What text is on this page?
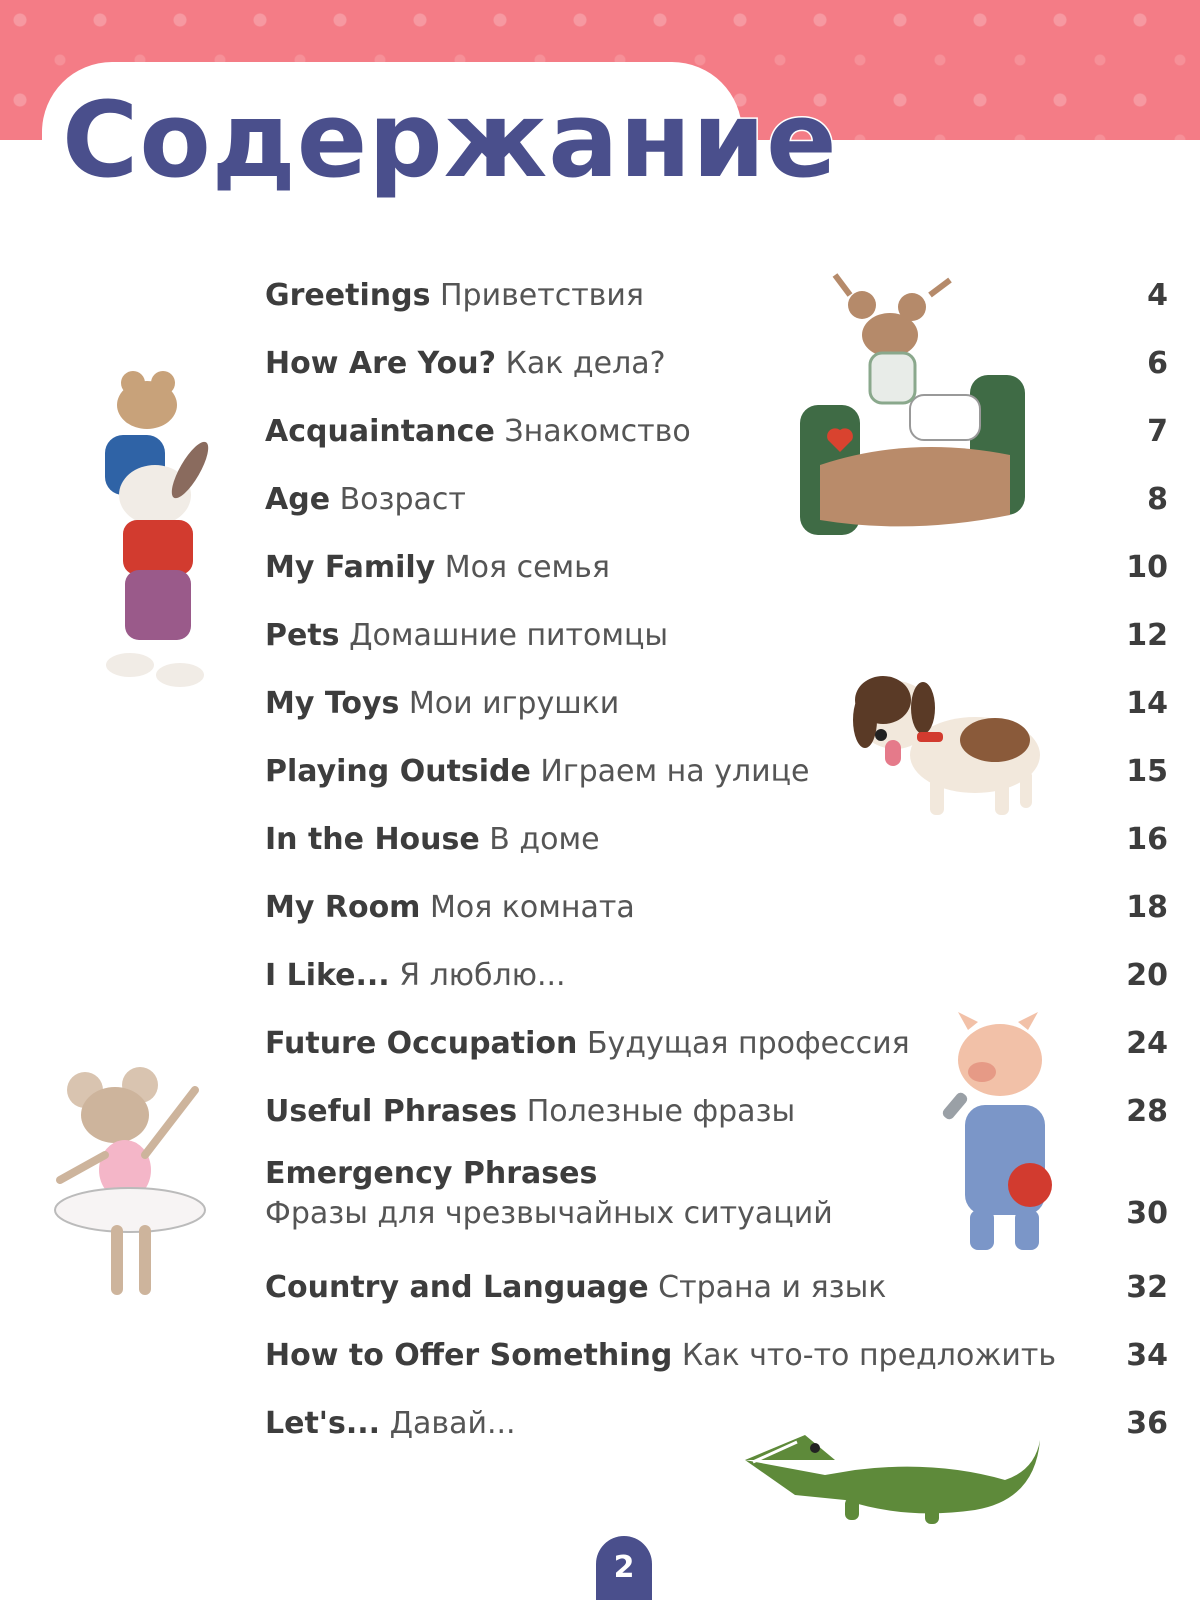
Содержание
Greetings Приветствия	4
How Are You? Как дела?	6
Acquaintance Знакомство	7
Age Возраст	8
My Family Моя семья	10
Pets Домашние питомцы	12
My Toys Мои игрушки	14
Playing Outside Играем на улице	15
In the House В доме	16
My Room Моя комната	18
I Like... Я люблю...	20
Future Occupation Будущая профессия	24
Useful Phrases Полезные фразы	28
Emergency Phrases
Фразы для чрезвычайных ситуаций	30
Country and Language Страна и язык	32
How to Offer Something Как что-то предложить 34
Let's... Давай...	36
2
